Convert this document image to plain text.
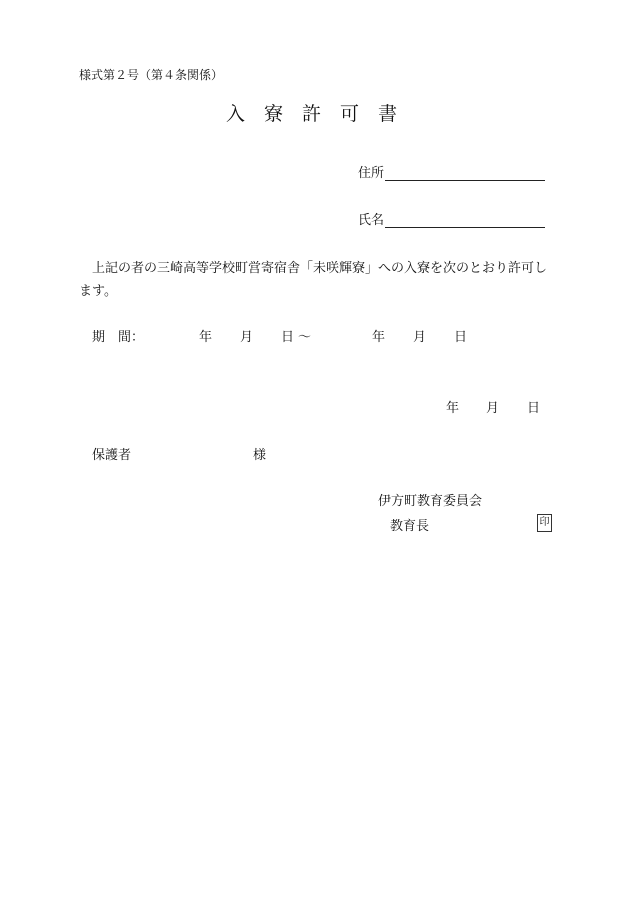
様式第２号（第４条関係）
入 寮 許 可 書
住所
氏名
上記の者の三崎高等学校町営寄宿舎「未咲輝寮」への入寮を次のとおり許可します。
期　間：	年 月 日 ～	年 月 日
年 月 日
保護者	様
伊方町教育委員会
教育長	印
